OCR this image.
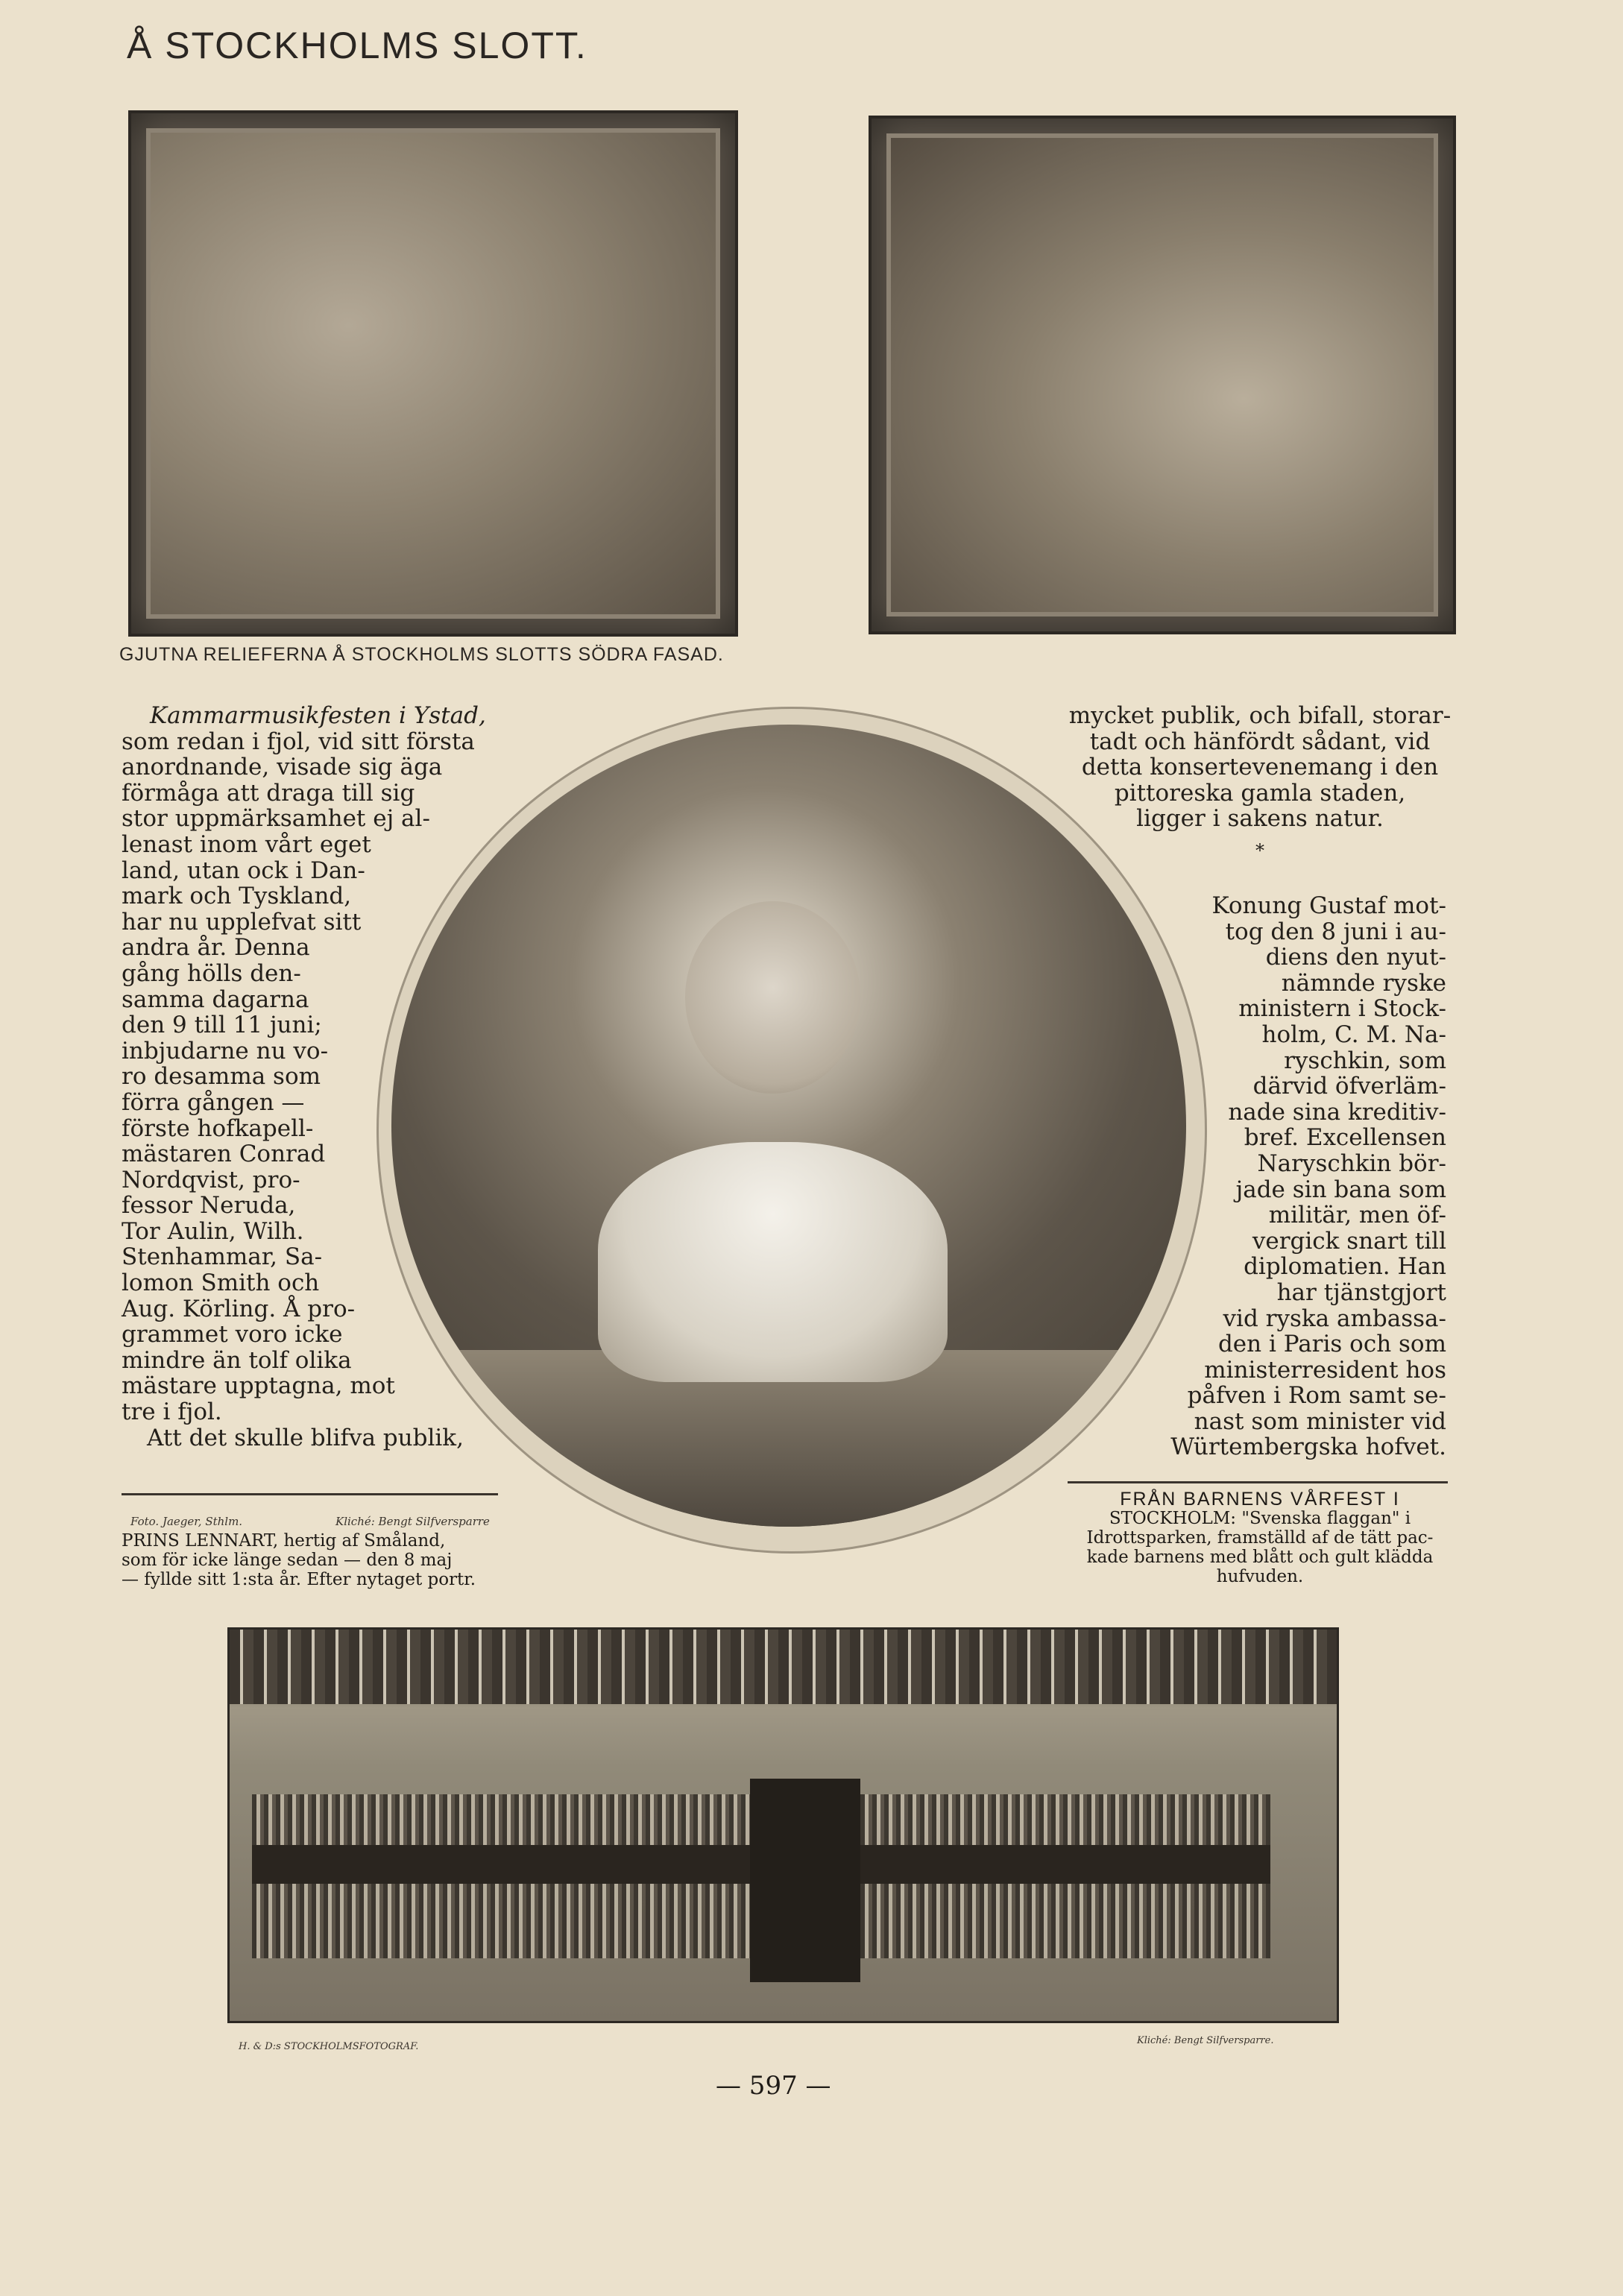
Å STOCKHOLMS SLOTT.
GJUTNA RELIEFERNA Å STOCKHOLMS SLOTTS SÖDRA FASAD.

Kammarmusikfesten i Ystad,

som redan i fjol, vid sitt första

anordnande, visade sig äga

förmåga att draga till sig

stor uppmärksamhet ej al-

lenast inom vårt eget

land, utan ock i Dan-

mark och Tyskland,

har nu upplefvat sitt

andra år. Denna

gång hölls den-

samma dagarna

den 9 till 11 juni;

inbjudarne nu vo-

ro desamma som

förra gången —

förste hofkapell-

mästaren Conrad

Nordqvist, pro-

fessor Neruda,

Tor Aulin, Wilh.

Stenhammar, Sa-

lomon Smith och

Aug. Körling. Å pro-

grammet voro icke

mindre än tolf olika

mästare upptagna, mot

tre i fjol.

Att det skulle blifva publik,

Foto. Jaeger, Sthlm.	Kliché: Bengt Silfversparre
PRINS LENNART, hertig af Småland,
som för icke länge sedan — den 8 maj
— fyllde sitt 1:sta år. Efter nytaget portr.

mycket publik, och bifall, storar-

tadt och hänfördt sådant, vid

detta konsertevenemang i den

pittoreska gamla staden,

ligger i sakens natur.

*

Konung Gustaf mot-

tog den 8 juni i au-

diens den nyut-

nämnde ryske

ministern i Stock-

holm, C. M. Na-

ryschkin, som

därvid öfverläm-

nade sina kreditiv-

bref. Excellensen

Naryschkin bör-

jade sin bana som

militär, men öf-

vergick snart till

diplomatien. Han

har tjänstgjort

vid ryska ambassa-

den i Paris och som

ministerresident hos

påfven i Rom samt se-

nast som minister vid

Würtembergska hofvet.

FRÅN BARNENS VÅRFEST I
STOCKHOLM: "Svenska flaggan" i
Idrottsparken, framställd af de tätt pac-
kade barnens med blått och gult klädda
hufvuden.
H. & D:s STOCKHOLMSFOTOGRAF.
Kliché: Bengt Silfversparre.
— 597 —
